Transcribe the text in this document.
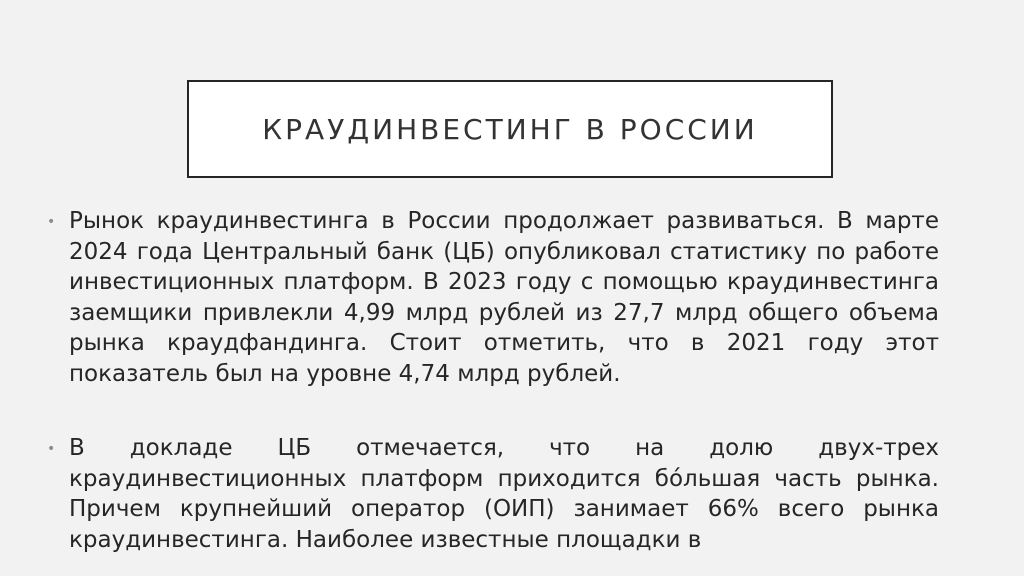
КРАУДИНВЕСТИНГ В РОССИИ
• Рынок краудинвестинга в России продолжает развиваться. В марте 2024 года Центральный банк (ЦБ) опубликовал статистику по работе инвестиционных платформ. В 2023 году с помощью краудинвестинга заемщики привлекли 4,99 млрд рублей из 27,7 млрд общего объема рынка краудфандинга. Стоит отметить, что в 2021 году этот показатель был на уровне 4,74 млрд рублей.

• В докладе ЦБ отмечается, что на долю двух-трех краудинвестиционных платформ приходится бóльшая часть рынка. Причем крупнейший оператор (ОИП) занимает 66% всего рынка краудинвестинга. Наиболее известные площадки в
